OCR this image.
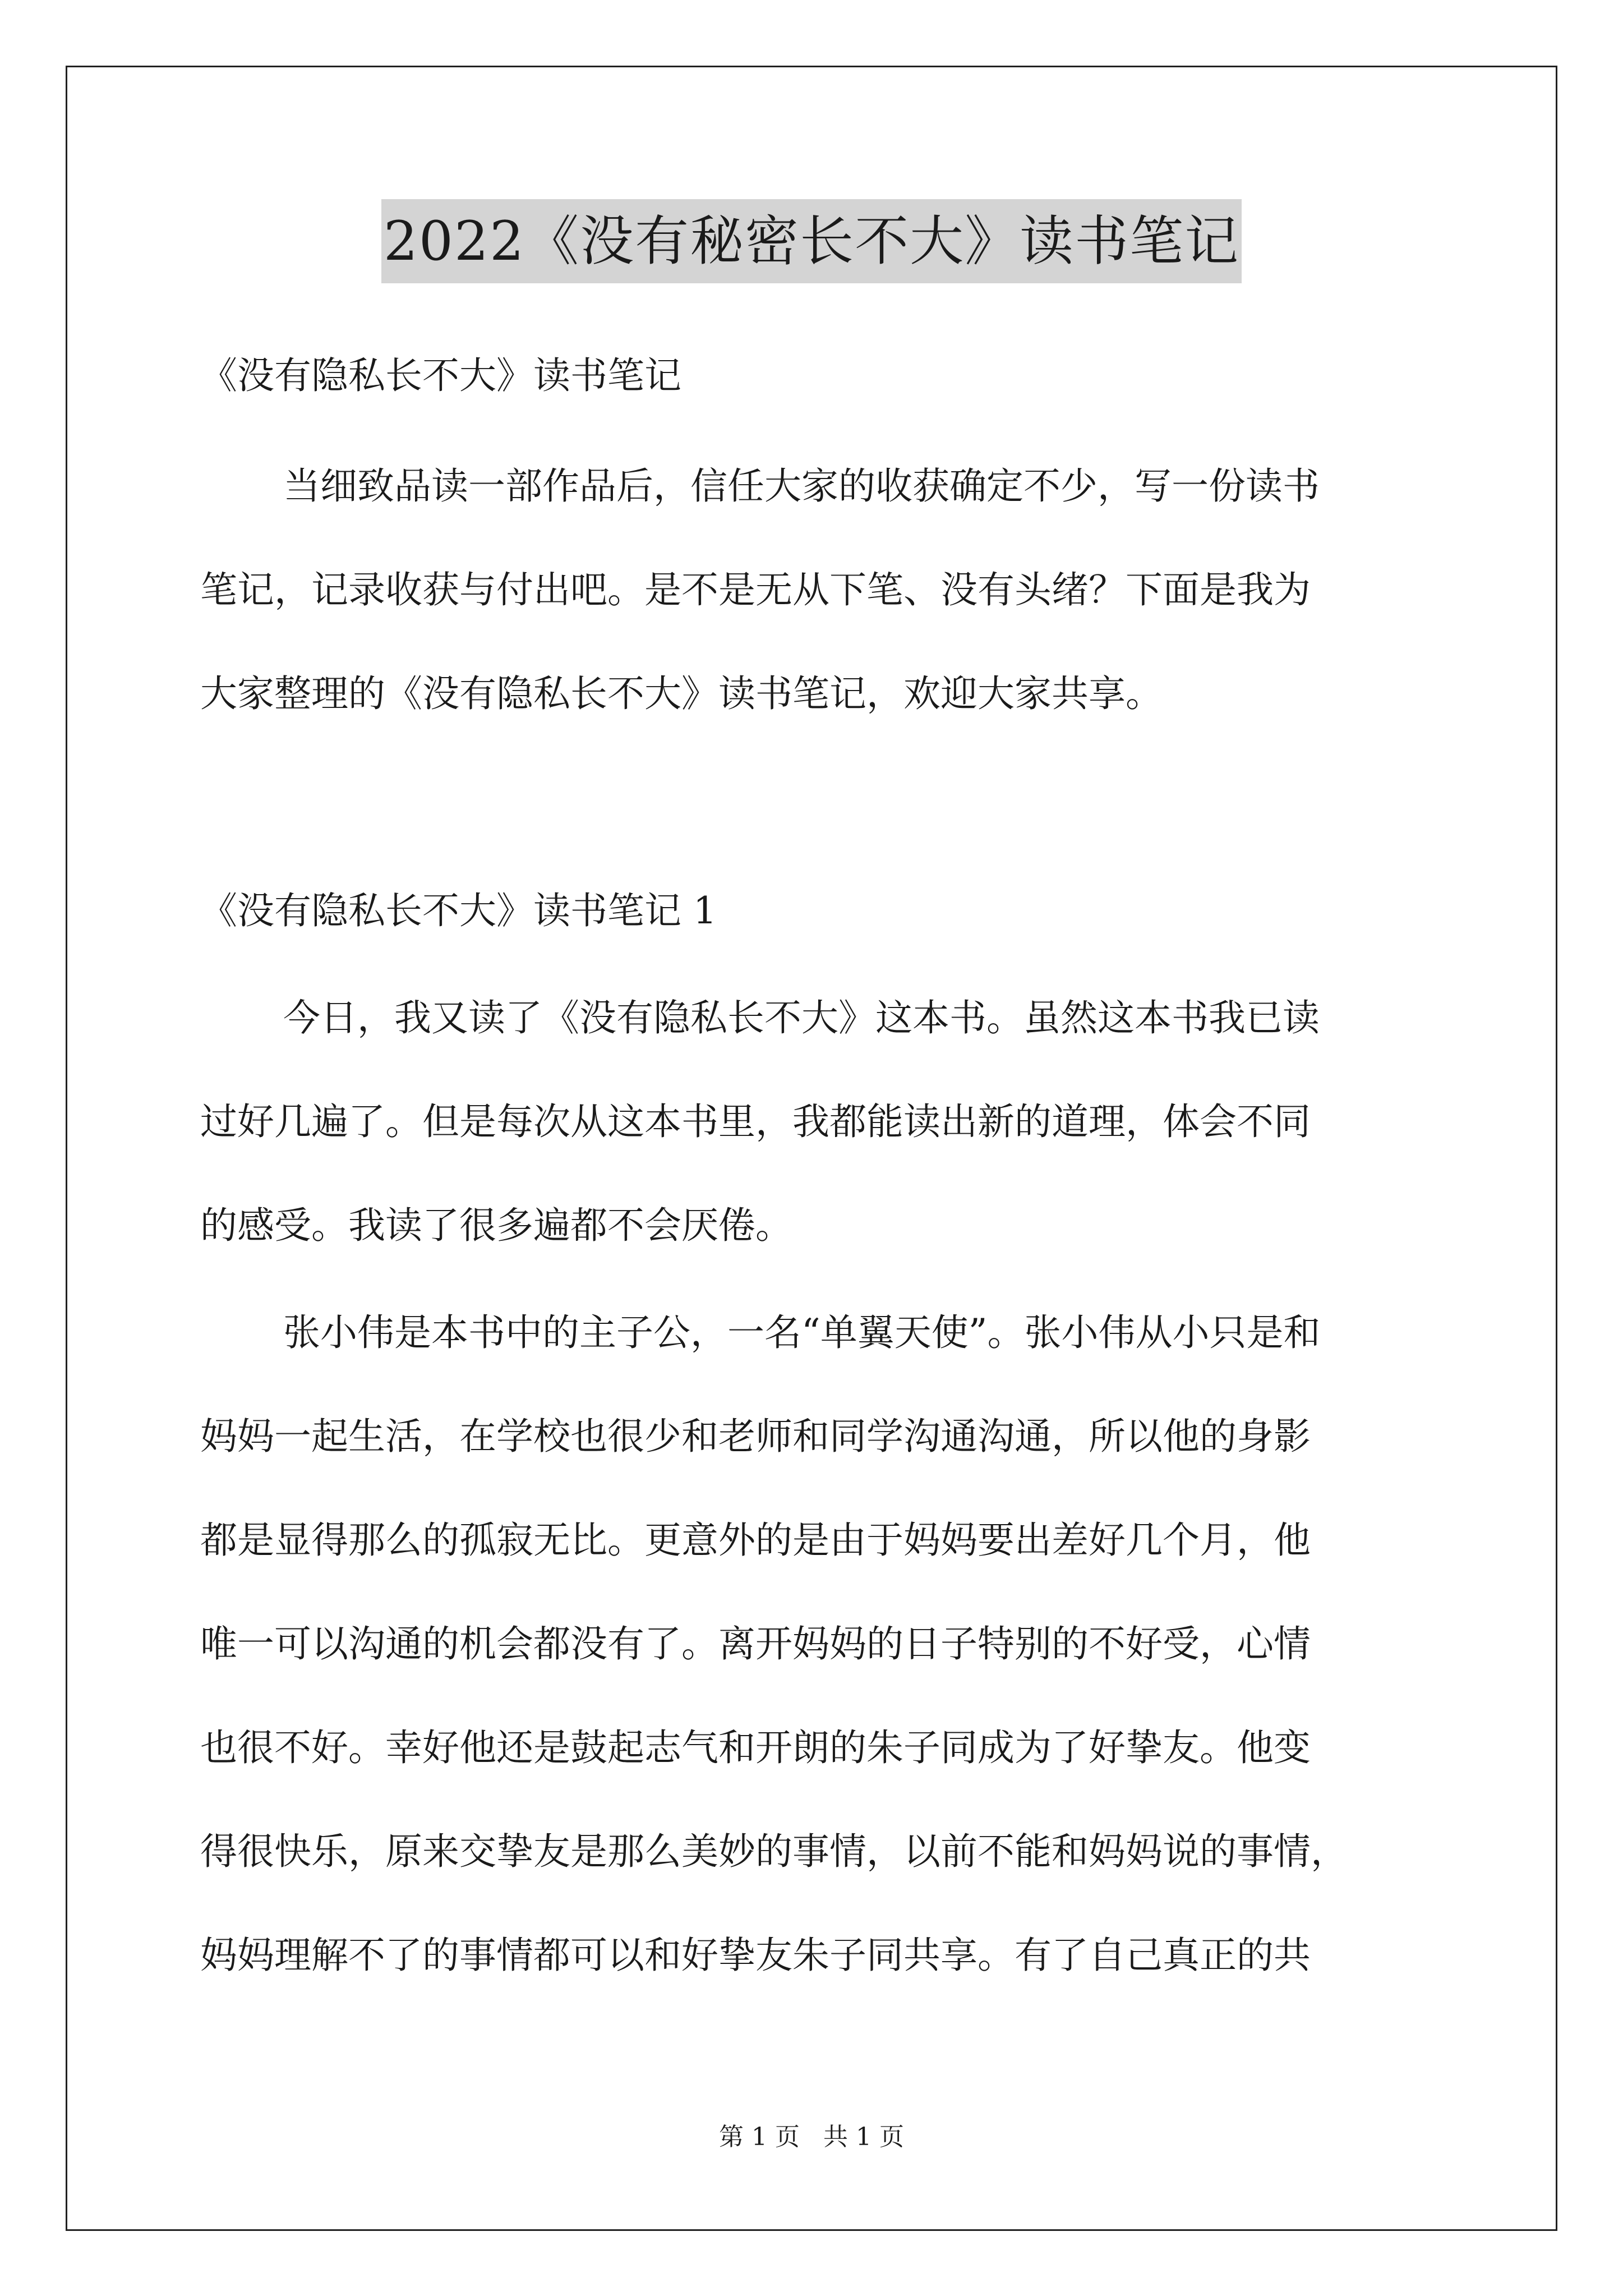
2022《没有秘密长不大》读书笔记

《没有隐私长不大》读书笔记

当细致品读一部作品后，信任大家的收获确定不少，写一份读书

笔记，记录收获与付出吧。是不是无从下笔、没有头绪？下面是我为

大家整理的《没有隐私长不大》读书笔记，欢迎大家共享。

《没有隐私长不大》读书笔记 1

今日，我又读了《没有隐私长不大》这本书。虽然这本书我已读

过好几遍了。但是每次从这本书里，我都能读出新的道理，体会不同

的感受。我读了很多遍都不会厌倦。

张小伟是本书中的主子公，一名“单翼天使”。张小伟从小只是和

妈妈一起生活，在学校也很少和老师和同学沟通沟通，所以他的身影

都是显得那么的孤寂无比。更意外的是由于妈妈要出差好几个月，他

唯一可以沟通的机会都没有了。离开妈妈的日子特别的不好受，心情

也很不好。幸好他还是鼓起志气和开朗的朱子同成为了好挚友。他变

得很快乐，原来交挚友是那么美妙的事情，以前不能和妈妈说的事情，

妈妈理解不了的事情都可以和好挚友朱子同共享。有了自己真正的共

第 1 页   共 1 页
